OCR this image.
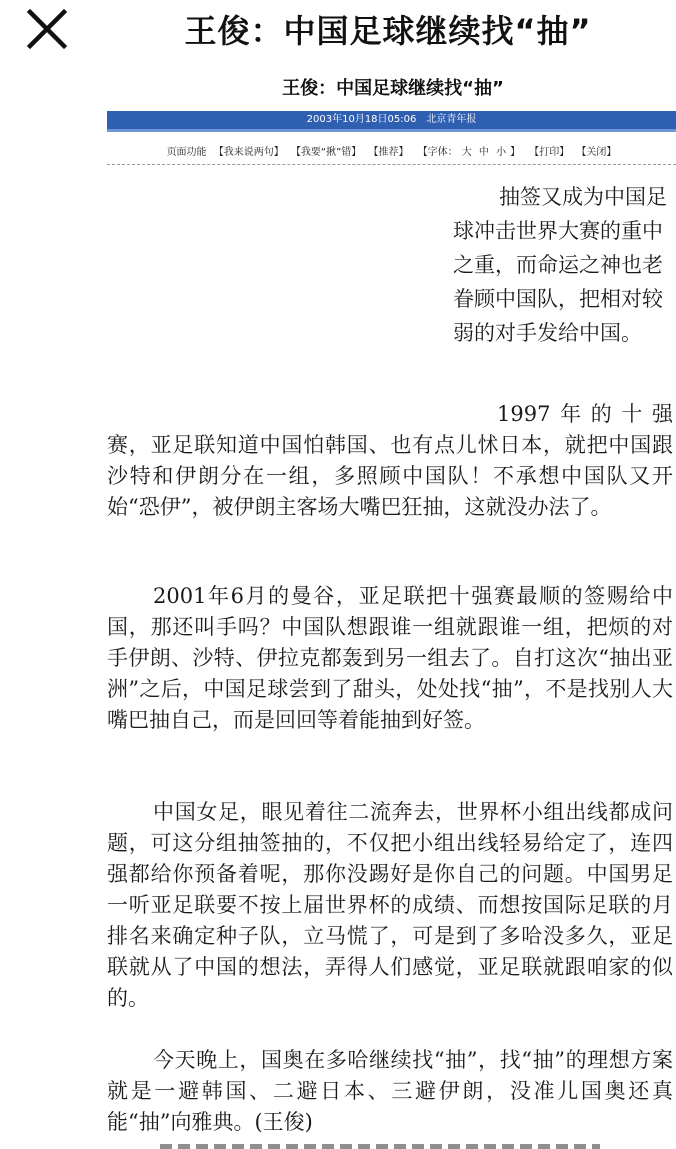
王俊：中国足球继续找“抽”
王俊：中国足球继续找“抽”
2003年10月18日05:06　北京青年报
页面功能 【我来说两句】 【我要“揪”错】 【推荐】 【字体： 大 中 小 】 【打印】 【关闭】

抽签又成为中国足球冲击世界大赛的重中之重，而命运之神也老眷顾中国队，把相对较弱的对手发给中国。

1997年的十强赛，亚足联知道中国怕韩国、也有点儿怵日本，就把中国跟沙特和伊朗分在一组，多照顾中国队！不承想中国队又开始“恐伊”，被伊朗主客场大嘴巴狂抽，这就没办法了。

2001年6月的曼谷，亚足联把十强赛最顺的签赐给中国，那还叫手吗？中国队想跟谁一组就跟谁一组，把烦的对手伊朗、沙特、伊拉克都轰到另一组去了。自打这次“抽出亚洲”之后，中国足球尝到了甜头，处处找“抽”，不是找别人大嘴巴抽自己，而是回回等着能抽到好签。

中国女足，眼见着往二流奔去，世界杯小组出线都成问题，可这分组抽签抽的，不仅把小组出线轻易给定了，连四强都给你预备着呢，那你没踢好是你自己的问题。中国男足一听亚足联要不按上届世界杯的成绩、而想按国际足联的月排名来确定种子队，立马慌了，可是到了多哈没多久，亚足联就从了中国的想法，弄得人们感觉，亚足联就跟咱家的似的。

今天晚上，国奥在多哈继续找“抽”，找“抽”的理想方案就是一避韩国、二避日本、三避伊朗，没准儿国奥还真能“抽”向雅典。(王俊)
